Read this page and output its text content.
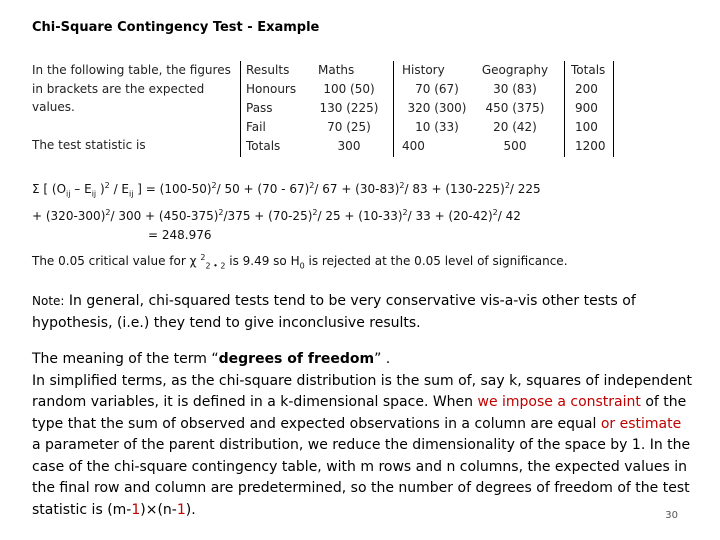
Chi-Square Contingency Test - Example
In the following table, the figures in brackets are the expected values.
The test statistic is
Results
Honours
Pass
Fail
Totals
Maths
100 (50)
130 (225)
70 (25)
300
History
70 (67)
320 (300)
10 (33)
400
Geography
30 (83)
450 (375)
20 (42)
500
Totals
200
900
100
1200
Σ [ ($O_{ij} - E_{ij}$ )$^2 / E_{ij}$ ] = $(100-50)^2/$ 50 + (70 - 67)$^2$/ $67 + (30-83)^2/$ $83 + (130-225)^2/$ 225
+ $(320-300)^2/$ $300 + (450-375)^2/375 + (70-25)^2/$ $25 + (10-33)^2/$ $33 + (20-42)^2/$ 42
= 248.976
The 0.05 critical value for χ $^2_{2 • 2}$ is 9.49 so $H_0$ is rejected at the 0.05 level of significance.
Note: In general, chi-squared tests tend to be very conservative vis-a-vis other tests of hypothesis, (i.e.) they tend to give inconclusive results.
The meaning of the term “degrees of freedom” .
In simplified terms, as the chi-square distribution is the sum of, say k, squares of independent random variables, it is defined in a k-dimensional space. When we impose a constraint of the type that the sum of observed and expected observations in a column are equal or estimate a parameter of the parent distribution, we reduce the dimensionality of the space by 1. In the case of the chi-square contingency table, with m rows and n columns, the expected values in the final row and column are predetermined, so the number of degrees of freedom of the test statistic is (m-1)×(n-1).	30
